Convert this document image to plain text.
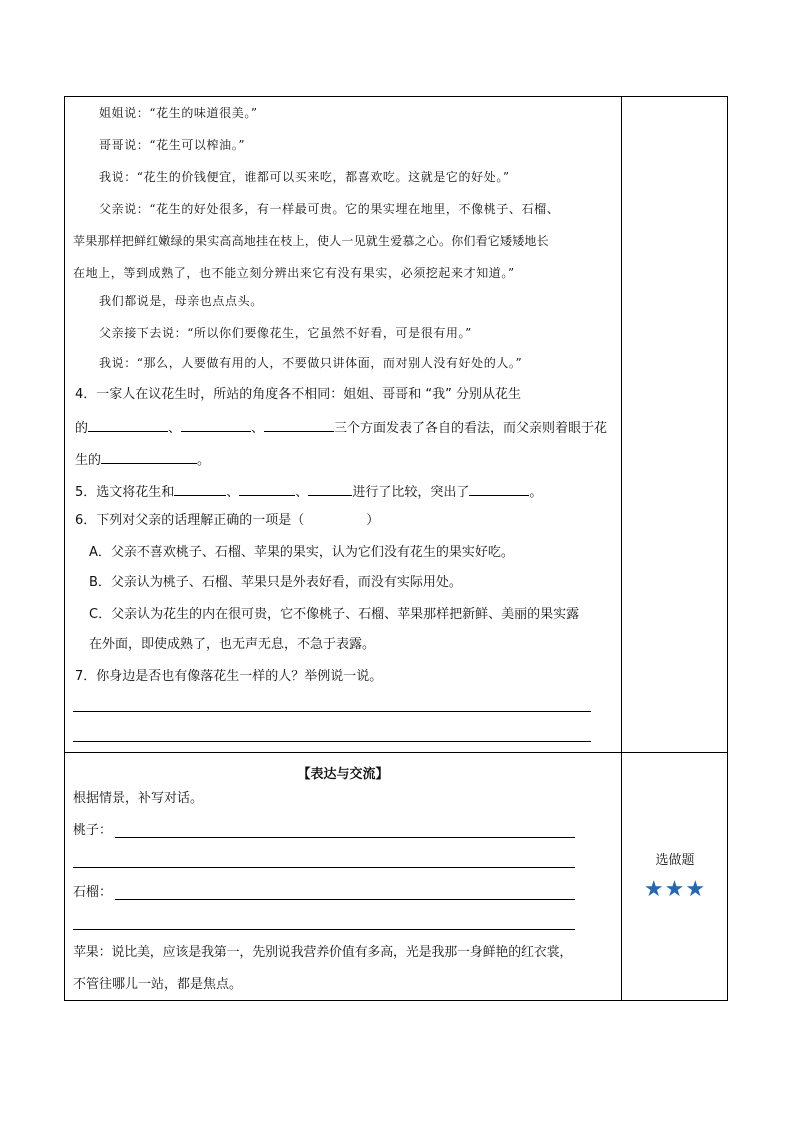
姐姐说：“花生的味道很美。”
哥哥说：“花生可以榨油。”
我说：“花生的价钱便宜，谁都可以买来吃，都喜欢吃。这就是它的好处。”
父亲说：“花生的好处很多，有一样最可贵。它的果实埋在地里，不像桃子、石榴、
苹果那样把鲜红嫩绿的果实高高地挂在枝上，使人一见就生爱慕之心。你们看它矮矮地长
在地上，等到成熟了，也不能立刻分辨出来它有没有果实，必须挖起来才知道。”
我们都说是，母亲也点点头。
父亲接下去说：“所以你们要像花生，它虽然不好看，可是很有用。”
我说：“那么，人要做有用的人，不要做只讲体面，而对别人没有好处的人。”
4．一家人在议花生时，所站的角度各不相同：姐姐、哥哥和 “我” 分别从花生
的	、	、	三个方面发表了各自的看法，而父亲则着眼于花
生的	。
5．选文将花生和	、	、	进行了比较，突出了	。
6．下列对父亲的话理解正确的一项是（	）
A．父亲不喜欢桃子、石榴、苹果的果实，认为它们没有花生的果实好吃。
B．父亲认为桃子、石榴、苹果只是外表好看，而没有实际用处。
C．父亲认为花生的内在很可贵，它不像桃子、石榴、苹果那样把新鲜、美丽的果实露
在外面，即使成熟了，也无声无息，不急于表露。
7．你身边是否也有像落花生一样的人？举例说一说。
【表达与交流】
根据情景，补写对话。
桃子：
石榴：
苹果：说比美，应该是我第一，先别说我营养价值有多高，光是我那一身鲜艳的红衣裳，
不管往哪儿一站，都是焦点。
选做题
★★★
